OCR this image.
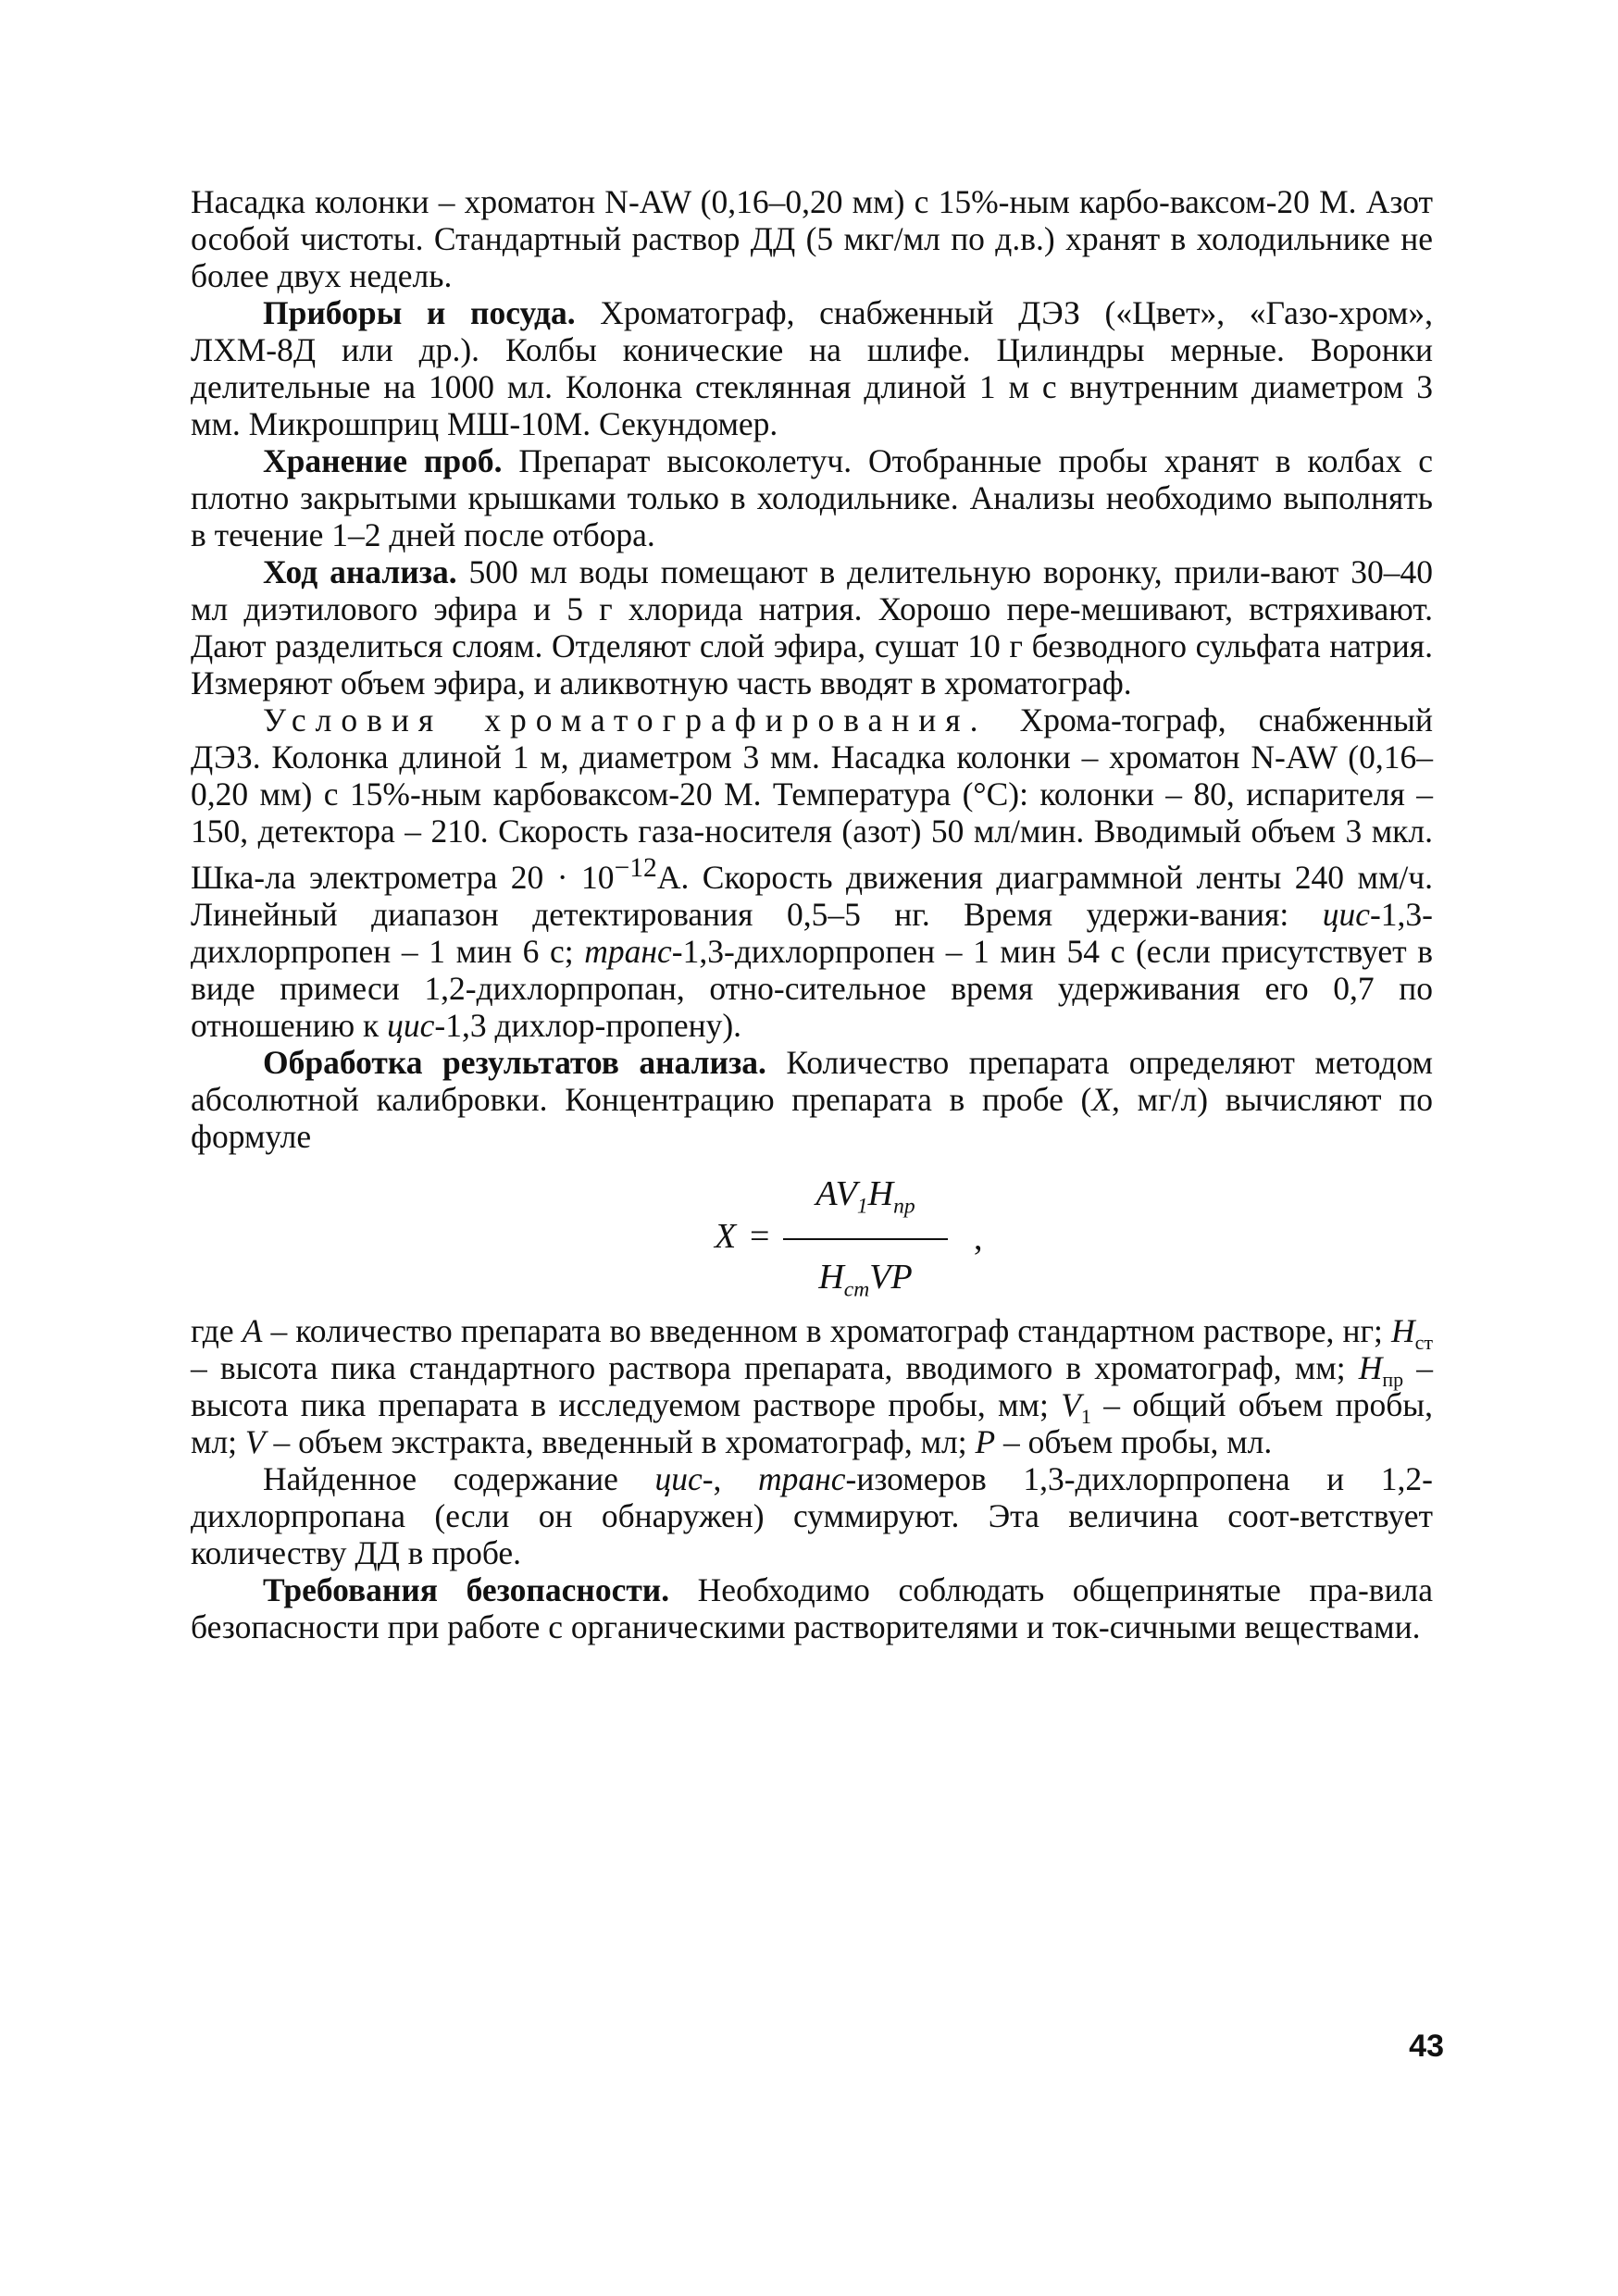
Насадка колонки – хроматон N-AW (0,16–0,20 мм) с 15%-ным карбо-ваксом-20 М. Азот особой чистоты. Стандартный раствор ДД (5 мкг/мл по д.в.) хранят в холодильнике не более двух недель.

Приборы и посуда. Хроматограф, снабженный ДЭЗ («Цвет», «Газо-хром», ЛХМ-8Д или др.). Колбы конические на шлифе. Цилиндры мерные. Воронки делительные на 1000 мл. Колонка стеклянная длиной 1 м с внутренним диаметром 3 мм. Микрошприц МШ-10М. Секундомер.

Хранение проб. Препарат высоколетуч. Отобранные пробы хранят в колбах с плотно закрытыми крышками только в холодильнике. Анализы необходимо выполнять в течение 1–2 дней после отбора.

Ход анализа. 500 мл воды помещают в делительную воронку, прили-вают 30–40 мл диэтилового эфира и 5 г хлорида натрия. Хорошо пере-мешивают, встряхивают. Дают разделиться слоям. Отделяют слой эфира, сушат 10 г безводного сульфата натрия. Измеряют объем эфира, и аликвотную часть вводят в хроматограф.

Условия хроматографирования. Хрома-тограф, снабженный ДЭЗ. Колонка длиной 1 м, диаметром 3 мм. Насадка колонки – хроматон N-AW (0,16–0,20 мм) с 15%-ным карбоваксом-20 М. Температура (°С): колонки – 80, испарителя – 150, детектора – 210. Скорость газа-носителя (азот) 50 мл/мин. Вводимый объем 3 мкл. Шка-ла электрометра $20 \cdot 10^{-12}А$. Скорость движения диаграммной ленты 240 мм/ч. Линейный диапазон детектирования 0,5–5 нг. Время удержи-вания: цис-1,3-дихлорпропен – 1 мин 6 с; транс-1,3-дихлорпропен – 1 мин 54 с (если присутствует в виде примеси 1,2-дихлорпропан, отно-сительное время удерживания его 0,7 по отношению к цис-1,3 дихлор-пропену).

Обработка результатов анализа. Количество препарата определяют методом абсолютной калибровки. Концентрацию препарата в пробе (X, мг/л) вычисляют по формуле

X =
$AV_1H_{пр}$
$H_{ст}VP$
,

где А – количество препарата во введенном в хроматограф стандартном растворе, нг; $Н_{ст}$ – высота пика стандартного раствора препарата, вводимого в хроматограф, мм; $Н_{пр}$ – высота пика препарата в исследуемом растворе пробы, мм; $V_1$ – общий объем пробы, мл; V – объем экстракта, введенный в хроматограф, мл; Р – объем пробы, мл.

Найденное содержание цис-, транс-изомеров 1,3-дихлорпропена и 1,2-дихлорпропана (если он обнаружен) суммируют. Эта величина соот-ветствует количеству ДД в пробе.

Требования безопасности. Необходимо соблюдать общепринятые пра-вила безопасности при работе с органическими растворителями и ток-сичными веществами.

43
